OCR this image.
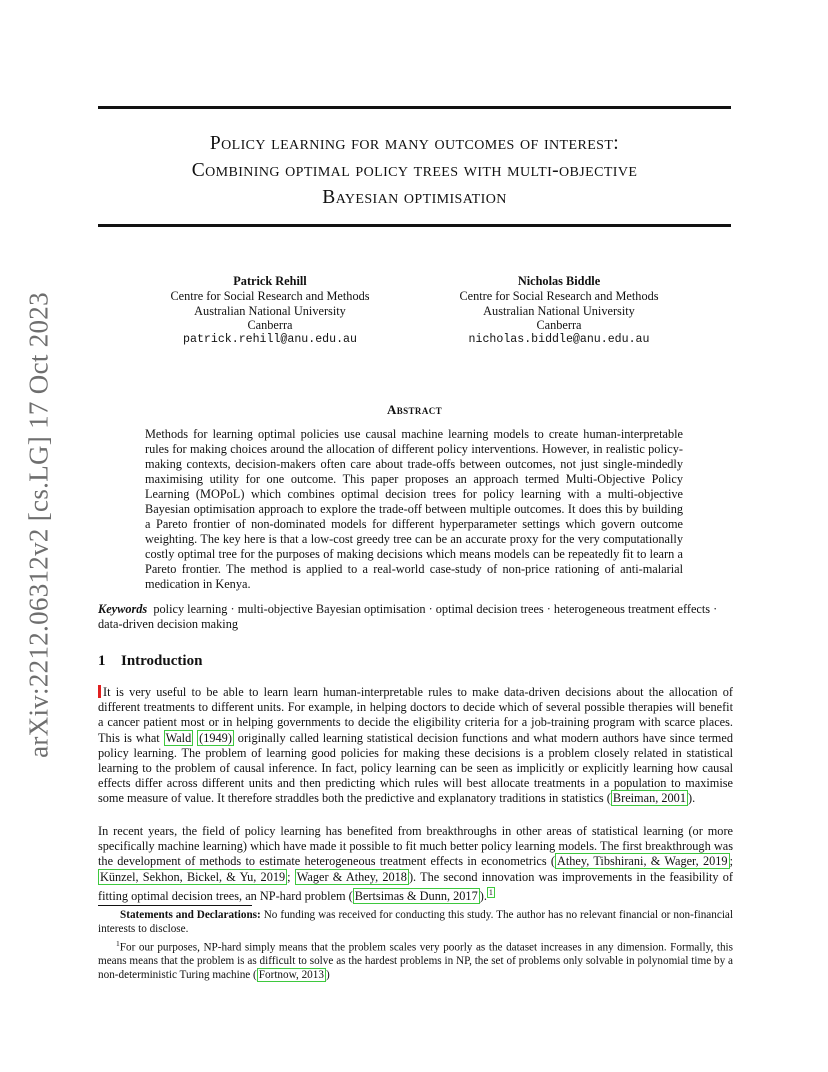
arXiv:2212.06312v2 [cs.LG] 17 Oct 2023
Policy learning for many outcomes of interest:
Combining optimal policy trees with multi-objective
Bayesian optimisation
Patrick Rehill
Centre for Social Research and Methods
Australian National University
Canberra
patrick.rehill@anu.edu.au
Nicholas Biddle
Centre for Social Research and Methods
Australian National University
Canberra
nicholas.biddle@anu.edu.au
Abstract
Methods for learning optimal policies use causal machine learning models to create human-interpretable rules for making choices around the allocation of different policy interventions. However, in realistic policy-making contexts, decision-makers often care about trade-offs between outcomes, not just single-mindedly maximising utility for one outcome. This paper proposes an approach termed Multi-Objective Policy Learning (MOPoL) which combines optimal decision trees for policy learning with a multi-objective Bayesian optimisation approach to explore the trade-off between multiple outcomes. It does this by building a Pareto frontier of non-dominated models for different hyperparameter settings which govern outcome weighting. The key here is that a low-cost greedy tree can be an accurate proxy for the very computationally costly optimal tree for the purposes of making decisions which means models can be repeatedly fit to learn a Pareto frontier. The method is applied to a real-world case-study of non-price rationing of anti-malarial medication in Kenya.
Keywords policy learning · multi-objective Bayesian optimisation · optimal decision trees · heterogeneous treatment effects · data-driven decision making
1 Introduction
It is very useful to be able to learn learn human-interpretable rules to make data-driven decisions about the allocation of different treatments to different units. For example, in helping doctors to decide which of several possible therapies will benefit a cancer patient most or in helping governments to decide the eligibility criteria for a job-training program with scarce places. This is what Wald (1949) originally called learning statistical decision functions and what modern authors have since termed policy learning. The problem of learning good policies for making these decisions is a problem closely related in statistical learning to the problem of causal inference. In fact, policy learning can be seen as implicitly or explicitly learning how causal effects differ across different units and then predicting which rules will best allocate treatments in a population to maximise some measure of value. It therefore straddles both the predictive and explanatory traditions in statistics ( Breiman, 2001 ).
In recent years, the field of policy learning has benefited from breakthroughs in other areas of statistical learning (or more specifically machine learning) which have made it possible to fit much better policy learning models. The first breakthrough was the development of methods to estimate heterogeneous treatment effects in econometrics ( Athey, Tibshirani, & Wager, 2019 ; Künzel, Sekhon, Bickel, & Yu, 2019 ; Wager & Athey, 2018 ). The second innovation was improvements in the feasibility of fitting optimal decision trees, an NP-hard problem ( Bertsimas & Dunn, 2017 ). $^1$
Statements and Declarations: No funding was received for conducting this study. The author has no relevant financial or non-financial interests to disclose.
$^1$For our purposes, NP-hard simply means that the problem scales very poorly as the dataset increases in any dimension. Formally, this means means that the problem is as difficult to solve as the hardest problems in NP, the set of problems only solvable in polynomial time by a non-deterministic Turing machine ( Fortnow, 2013 )
